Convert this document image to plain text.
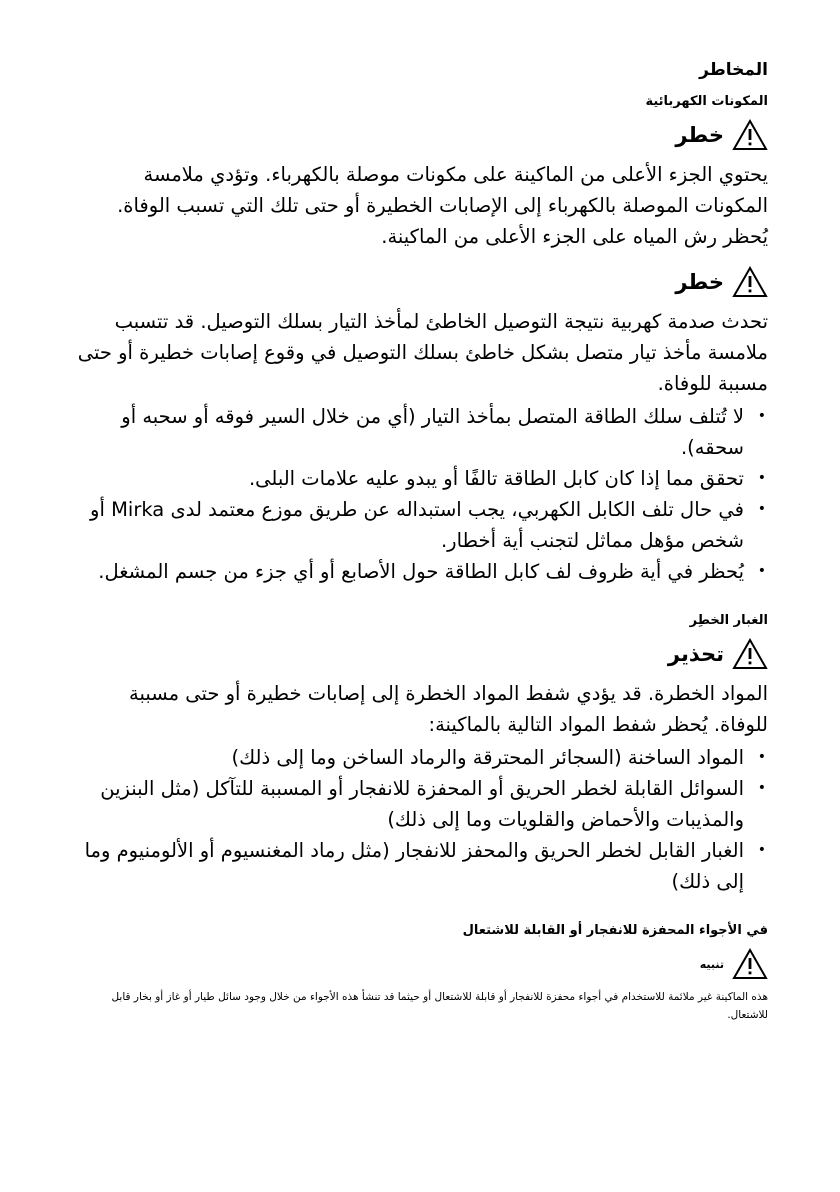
المخاطر
المكونات الكهربائية
خطر

يحتوي الجزء الأعلى من الماكينة على مكونات موصلة بالكهرباء. وتؤدي ملامسة المكونات الموصلة بالكهرباء إلى الإصابات الخطيرة أو حتى تلك التي تسبب الوفاة. يُحظر رش المياه على الجزء الأعلى من الماكينة.

خطر

تحدث صدمة كهربية نتيجة التوصيل الخاطئ لمأخذ التيار بسلك التوصيل. قد تتسبب ملامسة مأخذ تيار متصل بشكل خاطئ بسلك التوصيل في وقوع إصابات خطيرة أو حتى مسببة للوفاة.

• لا تُتلف سلك الطاقة المتصل بمأخذ التيار (أي من خلال السير فوقه أو سحبه أو سحقه).
• تحقق مما إذا كان كابل الطاقة تالفًا أو يبدو عليه علامات البلى.
• في حال تلف الكابل الكهربي، يجب استبداله عن طريق موزع معتمد لدى Mirka أو شخص مؤهل مماثل لتجنب أية أخطار.
• يُحظر في أية ظروف لف كابل الطاقة حول الأصابع أو أي جزء من جسم المشغل.
الغبار الخطِر
تحذير

المواد الخطرة. قد يؤدي شفط المواد الخطرة إلى إصابات خطيرة أو حتى مسببة للوفاة. يُحظر شفط المواد التالية بالماكينة:

• المواد الساخنة (السجائر المحترقة والرماد الساخن وما إلى ذلك)
• السوائل القابلة لخطر الحريق أو المحفزة للانفجار أو المسببة للتآكل (مثل البنزين والمذيبات والأحماض والقلويات وما إلى ذلك)
• الغبار القابل لخطر الحريق والمحفز للانفجار (مثل رماد المغنسيوم أو الألومنيوم وما إلى ذلك)
في الأجواء المحفزة للانفجار أو القابلة للاشتعال
تنبيه

هذه الماكينة غير ملائمة للاستخدام في أجواء محفزة للانفجار أو قابلة للاشتعال أو حيثما قد تنشأ هذه الأجواء من خلال وجود سائل طيار أو غاز أو بخار قابل للاشتعال.
